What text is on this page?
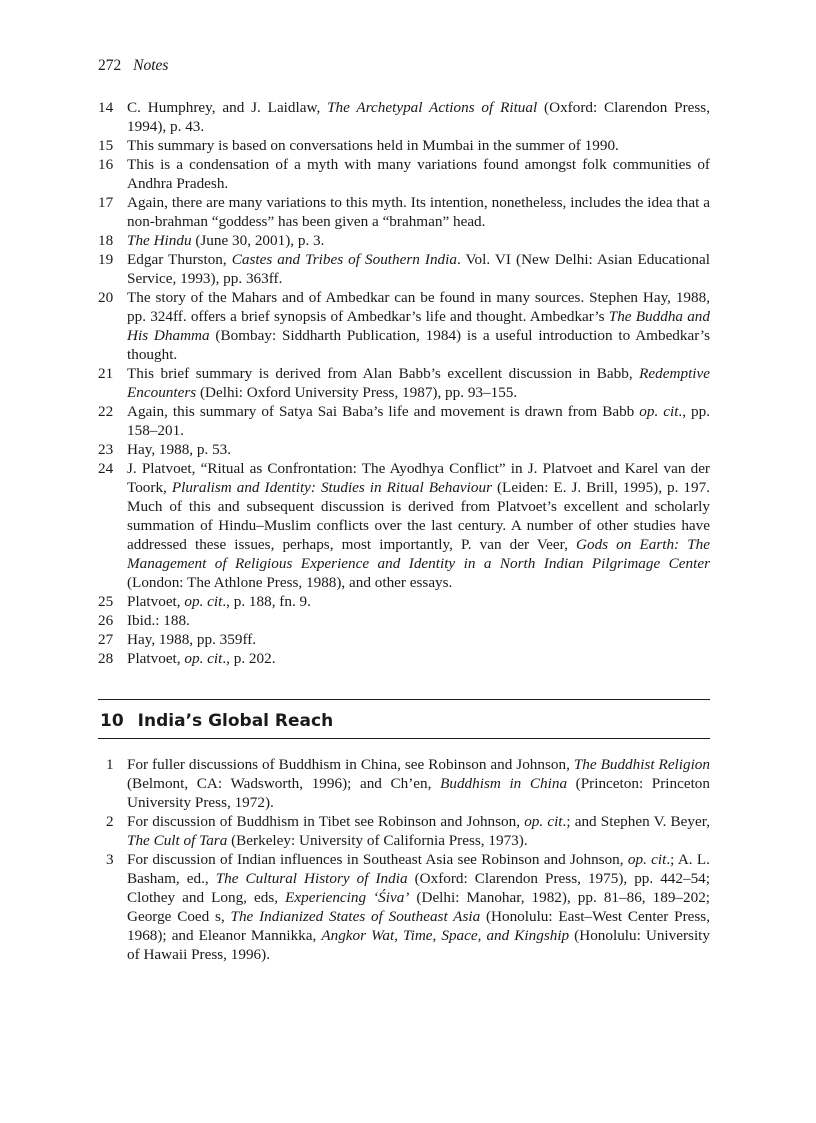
272 Notes
14 C. Humphrey, and J. Laidlaw, The Archetypal Actions of Ritual (Oxford: Clarendon Press, 1994), p. 43.
15 This summary is based on conversations held in Mumbai in the summer of 1990.
16 This is a condensation of a myth with many variations found amongst folk communities of Andhra Pradesh.
17 Again, there are many variations to this myth. Its intention, nonetheless, includes the idea that a non-brahman “goddess” has been given a “brahman” head.
18 The Hindu (June 30, 2001), p. 3.
19 Edgar Thurston, Castes and Tribes of Southern India. Vol. VI (New Delhi: Asian Educational Service, 1993), pp. 363ff.
20 The story of the Mahars and of Ambedkar can be found in many sources. Stephen Hay, 1988, pp. 324ff. offers a brief synopsis of Ambedkar’s life and thought. Ambedkar’s The Buddha and His Dhamma (Bombay: Siddharth Publication, 1984) is a useful introduction to Ambedkar’s thought.
21 This brief summary is derived from Alan Babb’s excellent discussion in Babb, Redemptive Encounters (Delhi: Oxford University Press, 1987), pp. 93–155.
22 Again, this summary of Satya Sai Baba’s life and movement is drawn from Babb op. cit., pp. 158–201.
23 Hay, 1988, p. 53.
24 J. Platvoet, “Ritual as Confrontation: The Ayodhya Conflict” in J. Platvoet and Karel van der Toork, Pluralism and Identity: Studies in Ritual Behaviour (Leiden: E. J. Brill, 1995), p. 197. Much of this and subsequent discussion is derived from Platvoet’s excellent and scholarly summation of Hindu–Muslim conflicts over the last century. A number of other studies have addressed these issues, perhaps, most importantly, P. van der Veer, Gods on Earth: The Management of Religious Experience and Identity in a North Indian Pilgrimage Center (London: The Athlone Press, 1988), and other essays.
25 Platvoet, op. cit., p. 188, fn. 9.
26 Ibid.: 188.
27 Hay, 1988, pp. 359ff.
28 Platvoet, op. cit., p. 202.
10 India’s Global Reach
1 For fuller discussions of Buddhism in China, see Robinson and Johnson, The Buddhist Religion (Belmont, CA: Wadsworth, 1996); and Ch’en, Buddhism in China (Princeton: Princeton University Press, 1972).
2 For discussion of Buddhism in Tibet see Robinson and Johnson, op. cit.; and Stephen V. Beyer, The Cult of Tara (Berkeley: University of California Press, 1973).
3 For discussion of Indian influences in Southeast Asia see Robinson and Johnson, op. cit.; A. L. Basham, ed., The Cultural History of India (Oxford: Clarendon Press, 1975), pp. 442–54; Clothey and Long, eds, Experiencing ‘Śiva’ (Delhi: Manohar, 1982), pp. 81–86, 189–202; George Coed s, The Indianized States of Southeast Asia (Honolulu: East–West Center Press, 1968); and Eleanor Mannikka, Angkor Wat, Time, Space, and Kingship (Honolulu: University of Hawaii Press, 1996).
